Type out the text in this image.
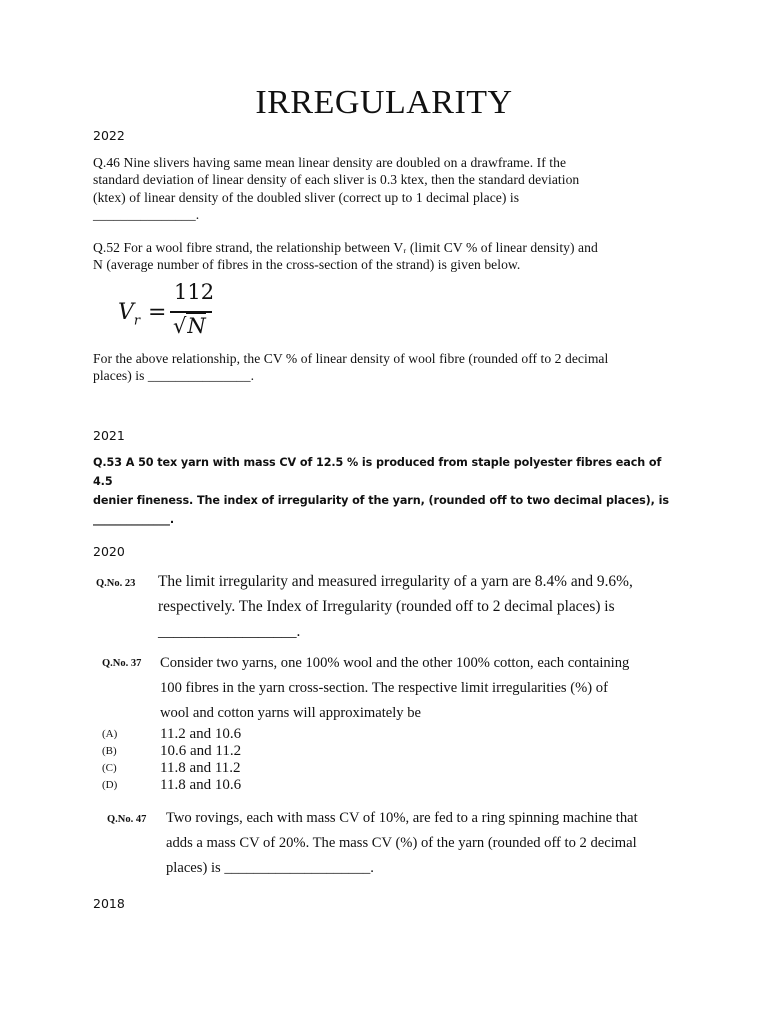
IRREGULARITY
2022
Q.46 Nine slivers having same mean linear density are doubled on a drawframe. If the
standard deviation of linear density of each sliver is 0.3 ktex, then the standard deviation
(ktex) of linear density of the doubled sliver (correct up to 1 decimal place) is
_______________.
Q.52 For a wool fibre strand, the relationship between Vᵣ (limit CV % of linear density) and
N (average number of fibres in the cross-section of the strand) is given below.
$V_r$ =
112
√N
For the above relationship, the CV % of linear density of wool fibre (rounded off to 2 decimal
places) is _______________.
2021
Q.53 A 50 tex yarn with mass CV of 12.5 % is produced from staple polyester fibres each of 4.5
denier fineness. The index of irregularity of the yarn, (rounded off to two decimal places), is
______________.
2020
Q.No. 23 The limit irregularity and measured irregularity of a yarn are 8.4% and 9.6%,
respectively. The Index of Irregularity (rounded off to 2 decimal places) is
__________________.
Q.No. 37 Consider two yarns, one 100% wool and the other 100% cotton, each containing
100 fibres in the yarn cross-section. The respective limit irregularities (%) of
wool and cotton yarns will approximately be
(A)	11.2 and 10.6
(B)	10.6 and 11.2
(C)	11.8 and 11.2
(D)	11.8 and 10.6
Q.No. 47 Two rovings, each with mass CV of 10%, are fed to a ring spinning machine that
adds a mass CV of 20%. The mass CV (%) of the yarn (rounded off to 2 decimal
places) is ____________________.
2018
